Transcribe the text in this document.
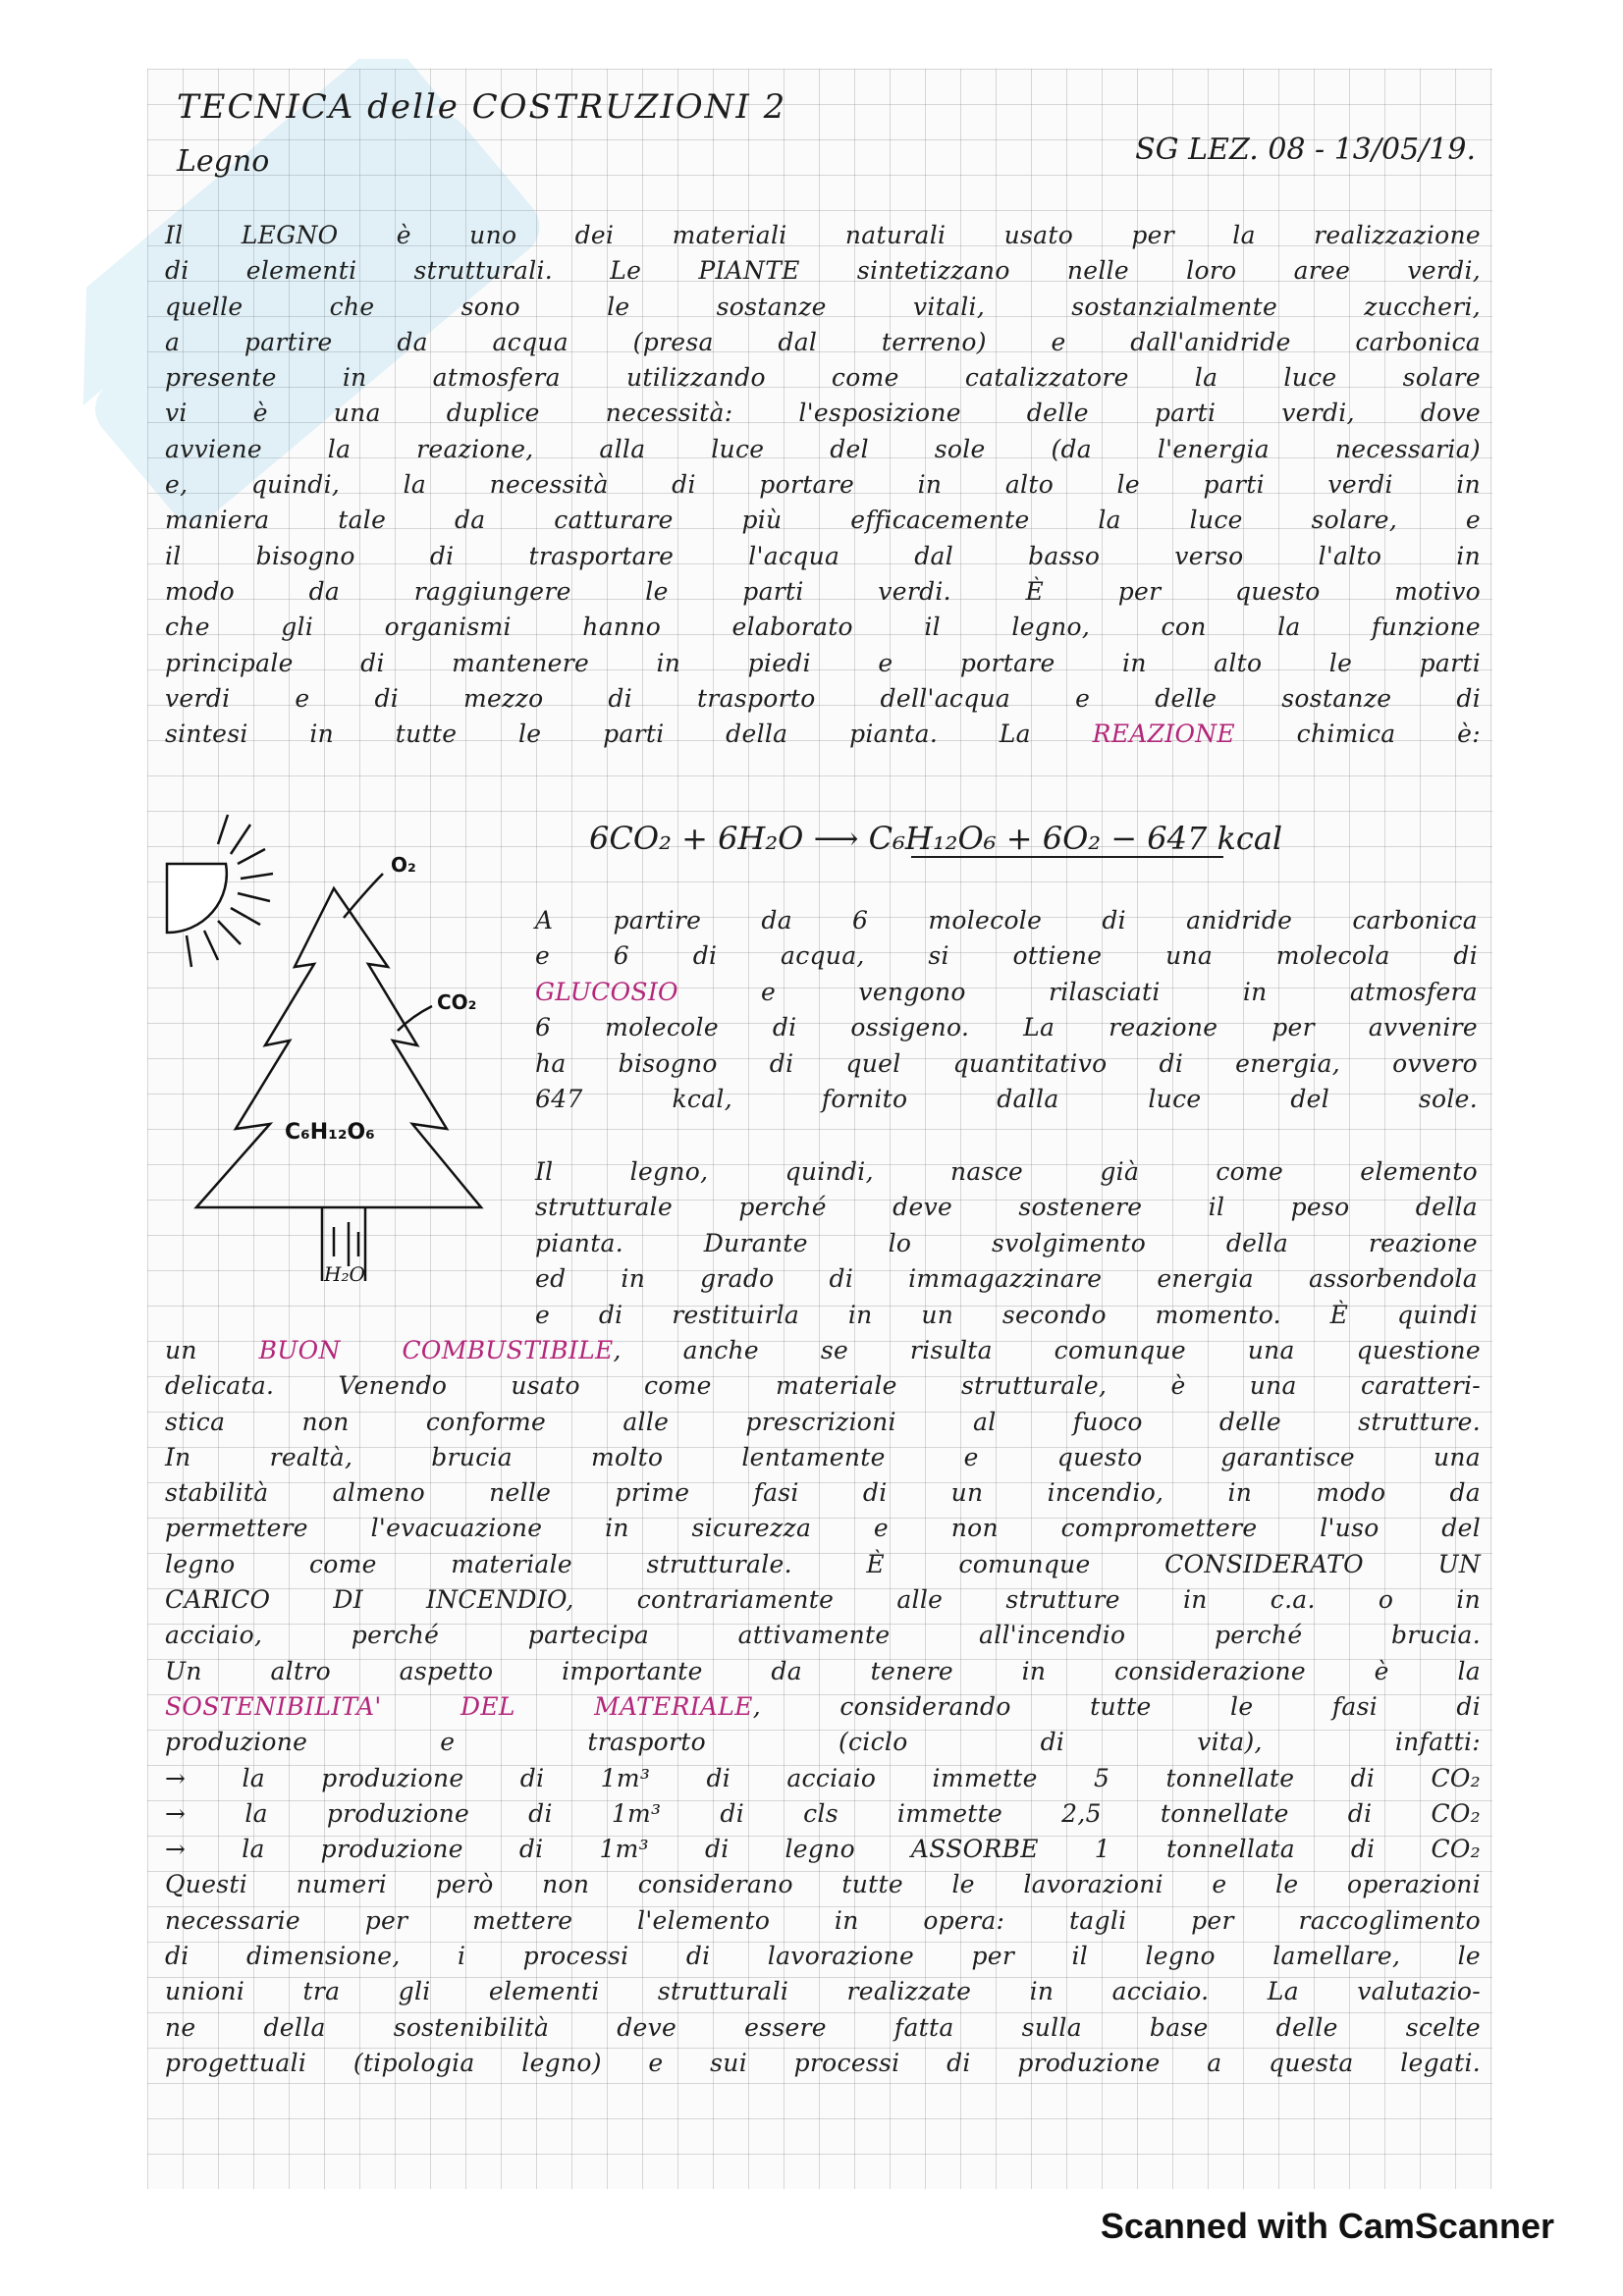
TECNICA delle COSTRUZIONI 2
Legno	SG LEZ. 08 - 13/05/19.
Il LEGNO è uno dei materiali naturali usato per la realizzazione
di elementi strutturali. Le PIANTE sintetizzano nelle loro aree verdi,
quelle che sono le sostanze vitali, sostanzialmente zuccheri,
a partire da acqua (presa dal terreno) e dall'anidride carbonica
presente in atmosfera utilizzando come catalizzatore la luce solare
vi è una duplice necessità: l'esposizione delle parti verdi, dove
avviene la reazione, alla luce del sole (da l'energia necessaria)
e, quindi, la necessità di portare in alto le parti verdi in
maniera tale da catturare più efficacemente la luce solare, e
il bisogno di trasportare l'acqua dal basso verso l'alto in
modo da raggiungere le parti verdi. È per questo motivo
che gli organismi hanno elaborato il legno, con la funzione
principale di mantenere in piedi e portare in alto le parti
verdi e di mezzo di trasporto dell'acqua e delle sostanze di
sintesi in tutte le parti della pianta. La REAZIONE chimica è:
6CO₂ + 6H₂O ⟶ C₆H₁₂O₆ + 6O₂ − 647 kcal
O₂
CO₂
C₆H₁₂O₆
H₂O
A partire da 6 molecole di anidride carbonica
e 6 di acqua, si ottiene una molecola di
GLUCOSIO e vengono rilasciati in atmosfera
6 molecole di ossigeno. La reazione per avvenire
ha bisogno di quel quantitativo di energia, ovvero
647 kcal, fornito dalla luce del sole.
Il legno, quindi, nasce già come elemento
strutturale perché deve sostenere il peso della
pianta. Durante lo svolgimento della reazione
ed in grado di immagazzinare energia assorbendola
e di restituirla in un secondo momento. È quindi
un BUON COMBUSTIBILE, anche se risulta comunque una questione
delicata. Venendo usato come materiale strutturale, è una caratteri-
stica non conforme alle prescrizioni al fuoco delle strutture.
In realtà, brucia molto lentamente e questo garantisce una
stabilità almeno nelle prime fasi di un incendio, in modo da
permettere l'evacuazione in sicurezza e non compromettere l'uso del
legno come materiale strutturale. È comunque CONSIDERATO UN
CARICO DI INCENDIO, contrariamente alle strutture in c.a. o in
acciaio, perché partecipa attivamente all'incendio perché brucia.
Un altro aspetto importante da tenere in considerazione è la
SOSTENIBILITA' DEL MATERIALE, considerando tutte le fasi di
produzione e trasporto (ciclo di vita), infatti:
→ la produzione di 1m³ di acciaio immette 5 tonnellate di CO₂
→ la produzione di 1m³ di cls immette 2,5 tonnellate di CO₂
→ la produzione di 1m³ di legno ASSORBE 1 tonnellata di CO₂
Questi numeri però non considerano tutte le lavorazioni e le operazioni
necessarie per mettere l'elemento in opera: tagli per raccoglimento
di dimensione, i processi di lavorazione per il legno lamellare, le
unioni tra gli elementi strutturali realizzate in acciaio. La valutazio-
ne della sostenibilità deve essere fatta sulla base delle scelte
progettuali (tipologia legno) e sui processi di produzione a questa legati.
Scanned with CamScanner
